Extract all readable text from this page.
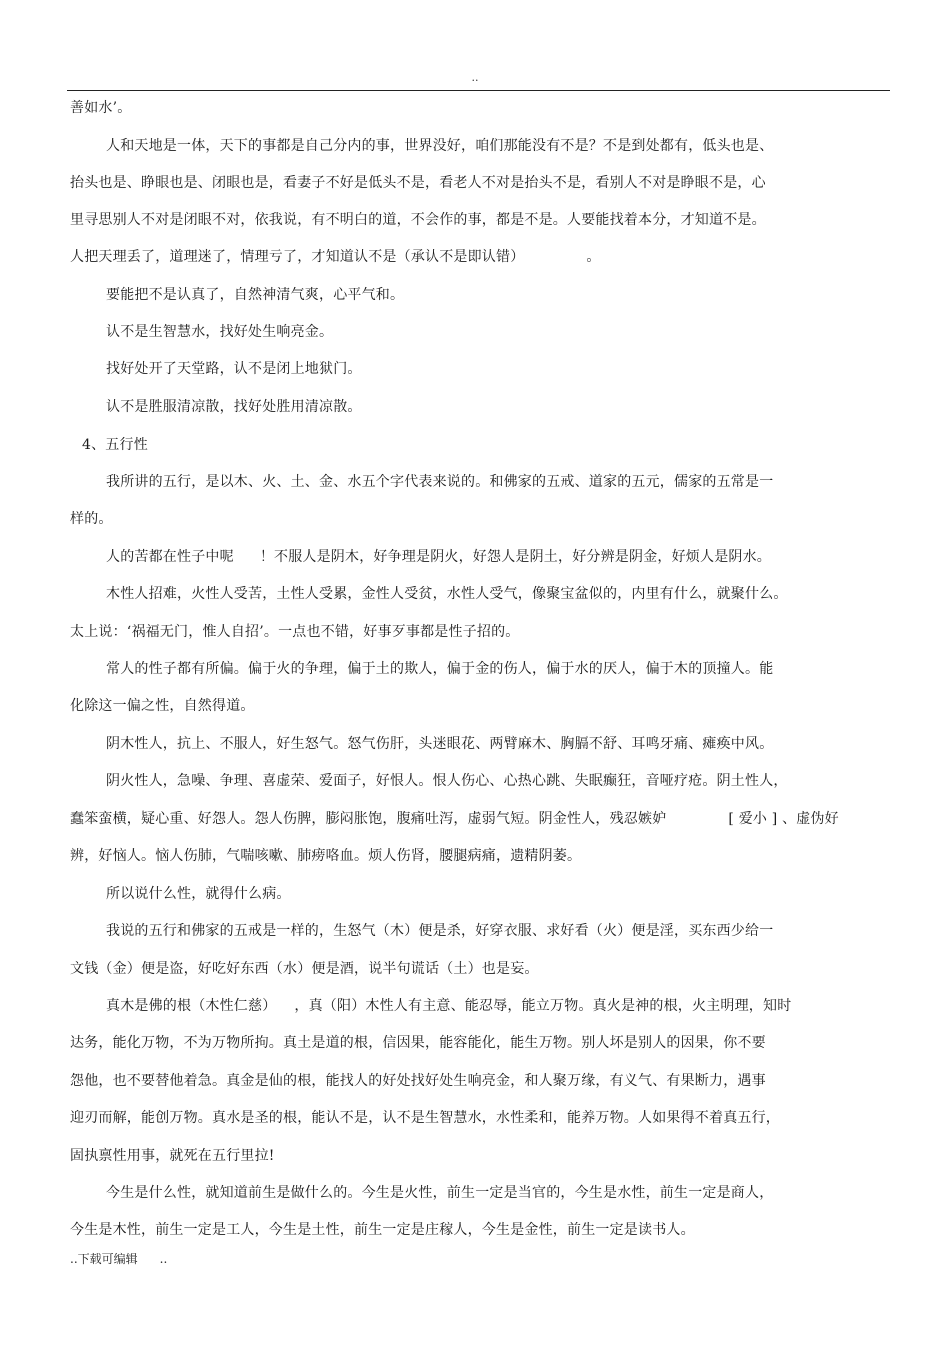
..
善如水’。
人和天地是一体，天下的事都是自己分内的事，世界没好，咱们那能没有不是？不是到处都有，低头也是、
抬头也是、睁眼也是、闭眼也是，看妻子不好是低头不是，看老人不对是抬头不是，看别人不对是睁眼不是，心
里寻思别人不对是闭眼不对，依我说，有不明白的道，不会作的事，都是不是。人要能找着本分，才知道不是。
人把天理丢了，道理迷了，情理亏了，才知道认不是（承认不是即认错）	。
要能把不是认真了，自然神清气爽，心平气和。
认不是生智慧水，找好处生响亮金。
找好处开了天堂路，认不是闭上地狱门。
认不是胜服清凉散，找好处胜用清凉散。
4、五行性
我所讲的五行，是以木、火、土、金、水五个字代表来说的。和佛家的五戒、道家的五元，儒家的五常是一
样的。
人的苦都在性子中呢 ！不服人是阴木，好争理是阴火，好怨人是阴土，好分辨是阴金，好烦人是阴水。
木性人招难，火性人受苦，土性人受累，金性人受贫，水性人受气，像聚宝盆似的，内里有什么，就聚什么。
太上说：‘祸福无门，惟人自招’。一点也不错，好事歹事都是性子招的。
常人的性子都有所偏。偏于火的争理，偏于土的欺人，偏于金的伤人，偏于水的厌人，偏于木的顶撞人。能
化除这一偏之性，自然得道。
阴木性人，抗上、不服人，好生怒气。怒气伤肝，头迷眼花、两臂麻木、胸膈不舒、耳鸣牙痛、瘫痪中风。
阴火性人，急噪、争理、喜虚荣、爱面子，好恨人。恨人伤心、心热心跳、失眠癫狂，音哑疗疮。阴土性人，
蠢笨蛮横，疑心重、好怨人。怨人伤脾，膨闷胀饱，腹痛吐泻，虚弱气短。阴金性人，残忍嫉妒	[ 爱小 ] 、虚伪好
辨，好恼人。恼人伤肺，气喘咳嗽、肺痨咯血。烦人伤肾，腰腿病痛，遗精阴萎。
所以说什么性，就得什么病。
我说的五行和佛家的五戒是一样的，生怒气（木）便是杀，好穿衣服、求好看（火）便是淫，买东西少给一
文钱（金）便是盗，好吃好东西（水）便是酒，说半句谎话（土）也是妄。
真木是佛的根（木性仁慈） ，真（阳）木性人有主意、能忍辱，能立万物。真火是神的根，火主明理，知时
达务，能化万物，不为万物所拘。真土是道的根，信因果，能容能化，能生万物。别人坏是别人的因果，你不要
怨他，也不要替他着急。真金是仙的根，能找人的好处找好处生响亮金，和人聚万缘，有义气、有果断力，遇事
迎刃而解，能创万物。真水是圣的根，能认不是，认不是生智慧水，水性柔和，能养万物。人如果得不着真五行，
固执禀性用事，就死在五行里拉!
今生是什么性，就知道前生是做什么的。今生是火性，前生一定是当官的，今生是水性，前生一定是商人，
今生是木性，前生一定是工人，今生是土性，前生一定是庄稼人，今生是金性，前生一定是读书人。
..下载可编辑 ..
